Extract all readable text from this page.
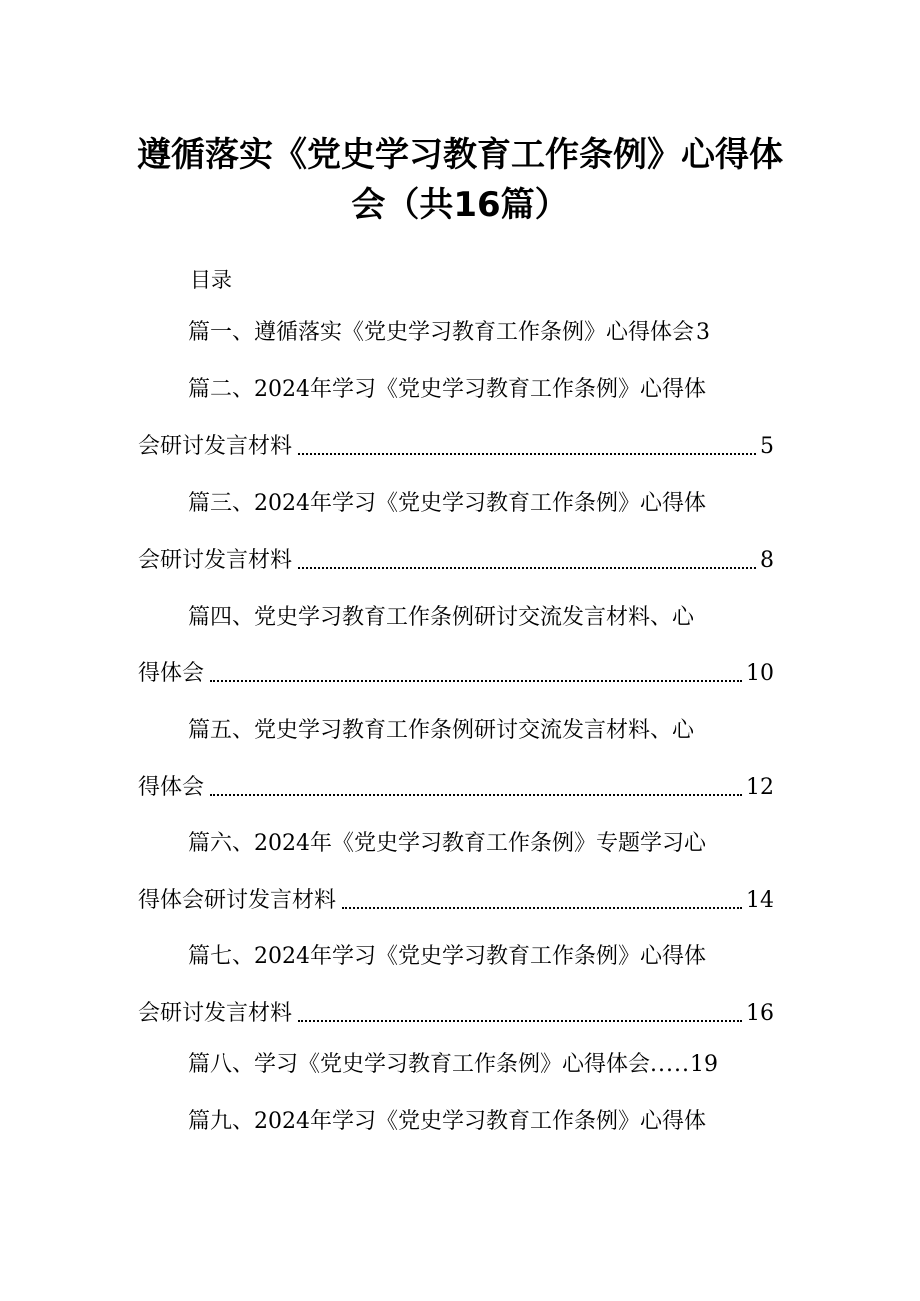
遵循落实《党史学习教育工作条例》心得体
会（共16篇）
目录
篇一、遵循落实《党史学习教育工作条例》心得体会3
篇二、2024年学习《党史学习教育工作条例》心得体
会研讨发言材料	5
篇三、2024年学习《党史学习教育工作条例》心得体
会研讨发言材料	8
篇四、党史学习教育工作条例研讨交流发言材料、心
得体会	10
篇五、党史学习教育工作条例研讨交流发言材料、心
得体会	12
篇六、2024年《党史学习教育工作条例》专题学习心
得体会研讨发言材料	14
篇七、2024年学习《党史学习教育工作条例》心得体
会研讨发言材料	16
篇八、学习《党史学习教育工作条例》心得体会.....19
篇九、2024年学习《党史学习教育工作条例》心得体
